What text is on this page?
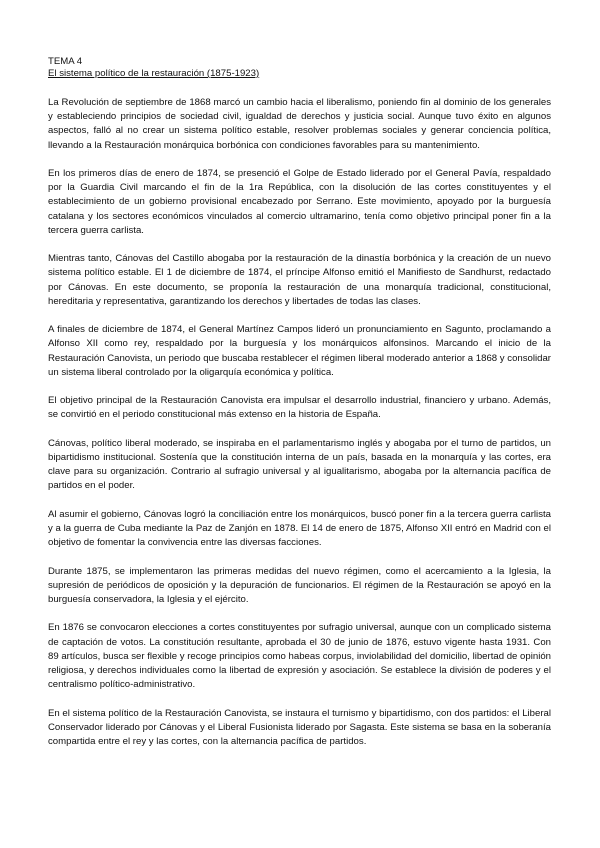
TEMA 4
El sistema político de la restauración (1875-1923)

La Revolución de septiembre de 1868 marcó un cambio hacia el liberalismo, poniendo fin al dominio de los generales y estableciendo principios de sociedad civil, igualdad de derechos y justicia social. Aunque tuvo éxito en algunos aspectos, falló al no crear un sistema político estable, resolver problemas sociales y generar conciencia política, llevando a la Restauración monárquica borbónica con condiciones favorables para su mantenimiento.

En los primeros días de enero de 1874, se presenció el Golpe de Estado liderado por el General Pavía, respaldado por la Guardia Civil marcando el fin de la 1ra República, con la disolución de las cortes constituyentes y el establecimiento de un gobierno provisional encabezado por Serrano. Este movimiento, apoyado por la burguesía catalana y los sectores económicos vinculados al comercio ultramarino, tenía como objetivo principal poner fin a la tercera guerra carlista.

Mientras tanto, Cánovas del Castillo abogaba por la restauración de la dinastía borbónica y la creación de un nuevo sistema político estable. El 1 de diciembre de 1874, el príncipe Alfonso emitió el Manifiesto de Sandhurst, redactado por Cánovas. En este documento, se proponía la restauración de una monarquía tradicional, constitucional, hereditaria y representativa, garantizando los derechos y libertades de todas las clases.

A finales de diciembre de 1874, el General Martínez Campos lideró un pronunciamiento en Sagunto, proclamando a Alfonso XII como rey, respaldado por la burguesía y los monárquicos alfonsinos. Marcando el inicio de la Restauración Canovista, un periodo que buscaba restablecer el régimen liberal moderado anterior a 1868 y consolidar un sistema liberal controlado por la oligarquía económica y política.

El objetivo principal de la Restauración Canovista era impulsar el desarrollo industrial, financiero y urbano. Además, se convirtió en el periodo constitucional más extenso en la historia de España.

Cánovas, político liberal moderado, se inspiraba en el parlamentarismo inglés y abogaba por el turno de partidos, un bipartidismo institucional. Sostenía que la constitución interna de un país, basada en la monarquía y las cortes, era clave para su organización. Contrario al sufragio universal y al igualitarismo, abogaba por la alternancia pacífica de partidos en el poder.

Al asumir el gobierno, Cánovas logró la conciliación entre los monárquicos, buscó poner fin a la tercera guerra carlista y a la guerra de Cuba mediante la Paz de Zanjón en 1878. El 14 de enero de 1875, Alfonso XII entró en Madrid con el objetivo de fomentar la convivencia entre las diversas facciones.

Durante 1875, se implementaron las primeras medidas del nuevo régimen, como el acercamiento a la Iglesia, la supresión de periódicos de oposición y la depuración de funcionarios. El régimen de la Restauración se apoyó en la burguesía conservadora, la Iglesia y el ejército.

En 1876 se convocaron elecciones a cortes constituyentes por sufragio universal, aunque con un complicado sistema de captación de votos. La constitución resultante, aprobada el 30 de junio de 1876, estuvo vigente hasta 1931. Con 89 artículos, busca ser flexible y recoge principios como habeas corpus, inviolabilidad del domicilio, libertad de opinión religiosa, y derechos individuales como la libertad de expresión y asociación. Se establece la división de poderes y el centralismo político-administrativo.

En el sistema político de la Restauración Canovista, se instaura el turnismo y bipartidismo, con dos partidos: el Liberal Conservador liderado por Cánovas y el Liberal Fusionista liderado por Sagasta. Este sistema se basa en la soberanía compartida entre el rey y las cortes, con la alternancia pacífica de partidos.
